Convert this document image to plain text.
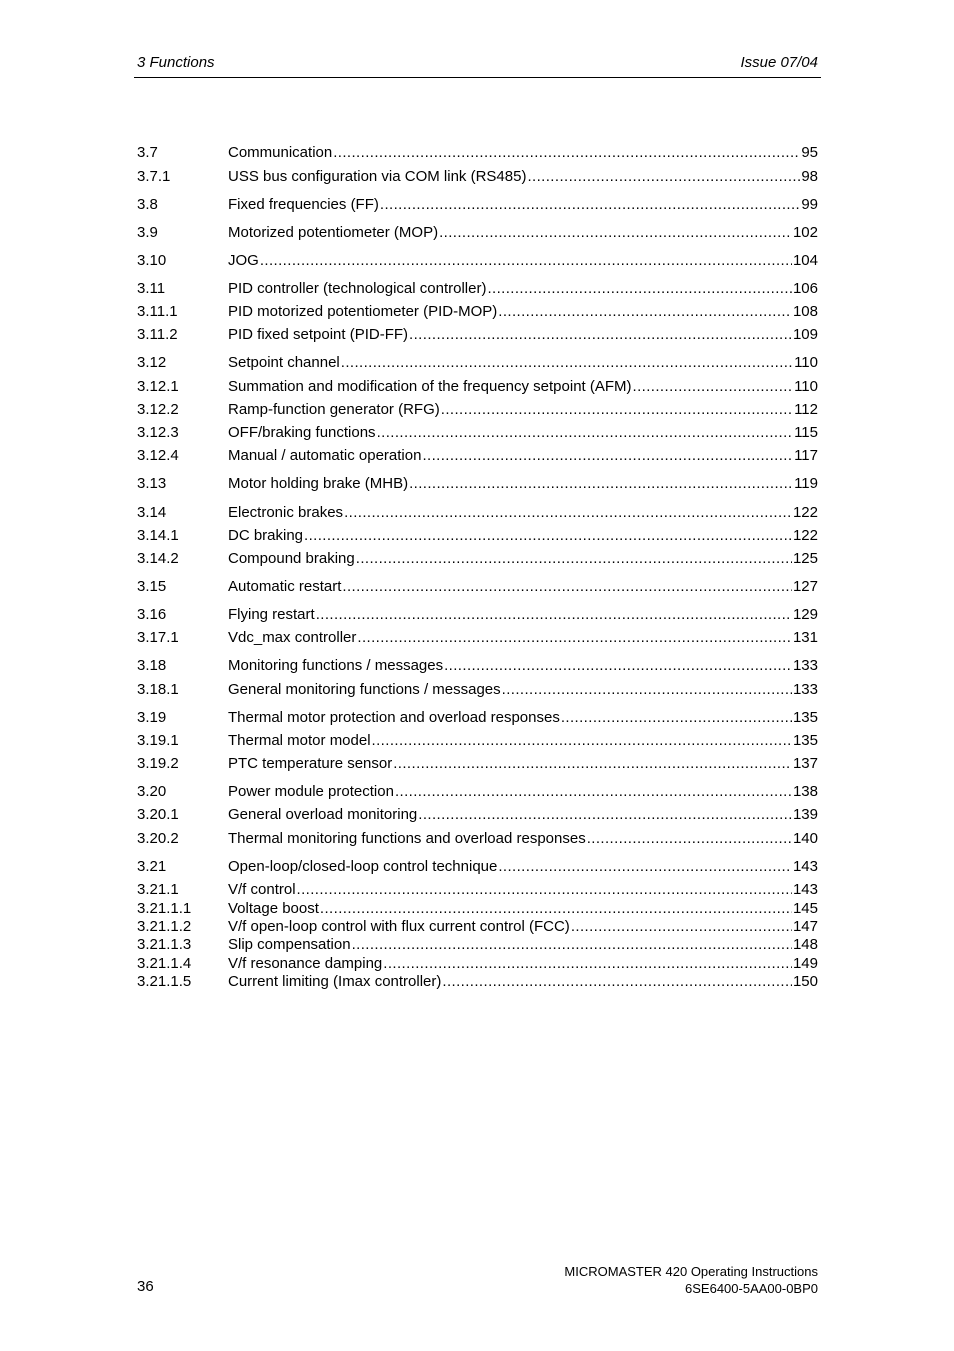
3 Functions	Issue 07/04
3.7	Communication .....	95
3.7.1	USS bus configuration via COM link (RS485) .....	98
3.8	Fixed frequencies (FF) .....	99
3.9	Motorized potentiometer (MOP) .....	102
3.10	JOG .....	104
3.11	PID controller (technological controller) .....	106
3.11.1	PID motorized potentiometer (PID-MOP) .....	108
3.11.2	PID fixed setpoint (PID-FF) .....	109
3.12	Setpoint channel .....	110
3.12.1	Summation and modification of the frequency setpoint (AFM) .....	110
3.12.2	Ramp-function generator (RFG) .....	112
3.12.3	OFF/braking functions .....	115
3.12.4	Manual / automatic operation .....	117
3.13	Motor holding brake (MHB) .....	119
3.14	Electronic brakes .....	122
3.14.1	DC braking .....	122
3.14.2	Compound braking .....	125
3.15	Automatic restart .....	127
3.16	Flying restart .....	129
3.17.1	Vdc_max controller .....	131
3.18	Monitoring functions / messages .....	133
3.18.1	General monitoring functions / messages .....	133
3.19	Thermal motor protection and overload responses .....	135
3.19.1	Thermal motor model .....	135
3.19.2	PTC temperature sensor .....	137
3.20	Power module protection .....	138
3.20.1	General overload monitoring .....	139
3.20.2	Thermal monitoring functions and overload responses .....	140
3.21	Open-loop/closed-loop control technique .....	143
3.21.1	V/f control .....	143
3.21.1.1 Voltage boost .....	145
3.21.1.2 V/f open-loop control with flux current control (FCC) .....	147
3.21.1.3 Slip compensation .....	148
3.21.1.4 V/f resonance damping .....	149
3.21.1.5 Current limiting (Imax controller) .....	150
36
MICROMASTER 420 Operating Instructions
6SE6400-5AA00-0BP0
